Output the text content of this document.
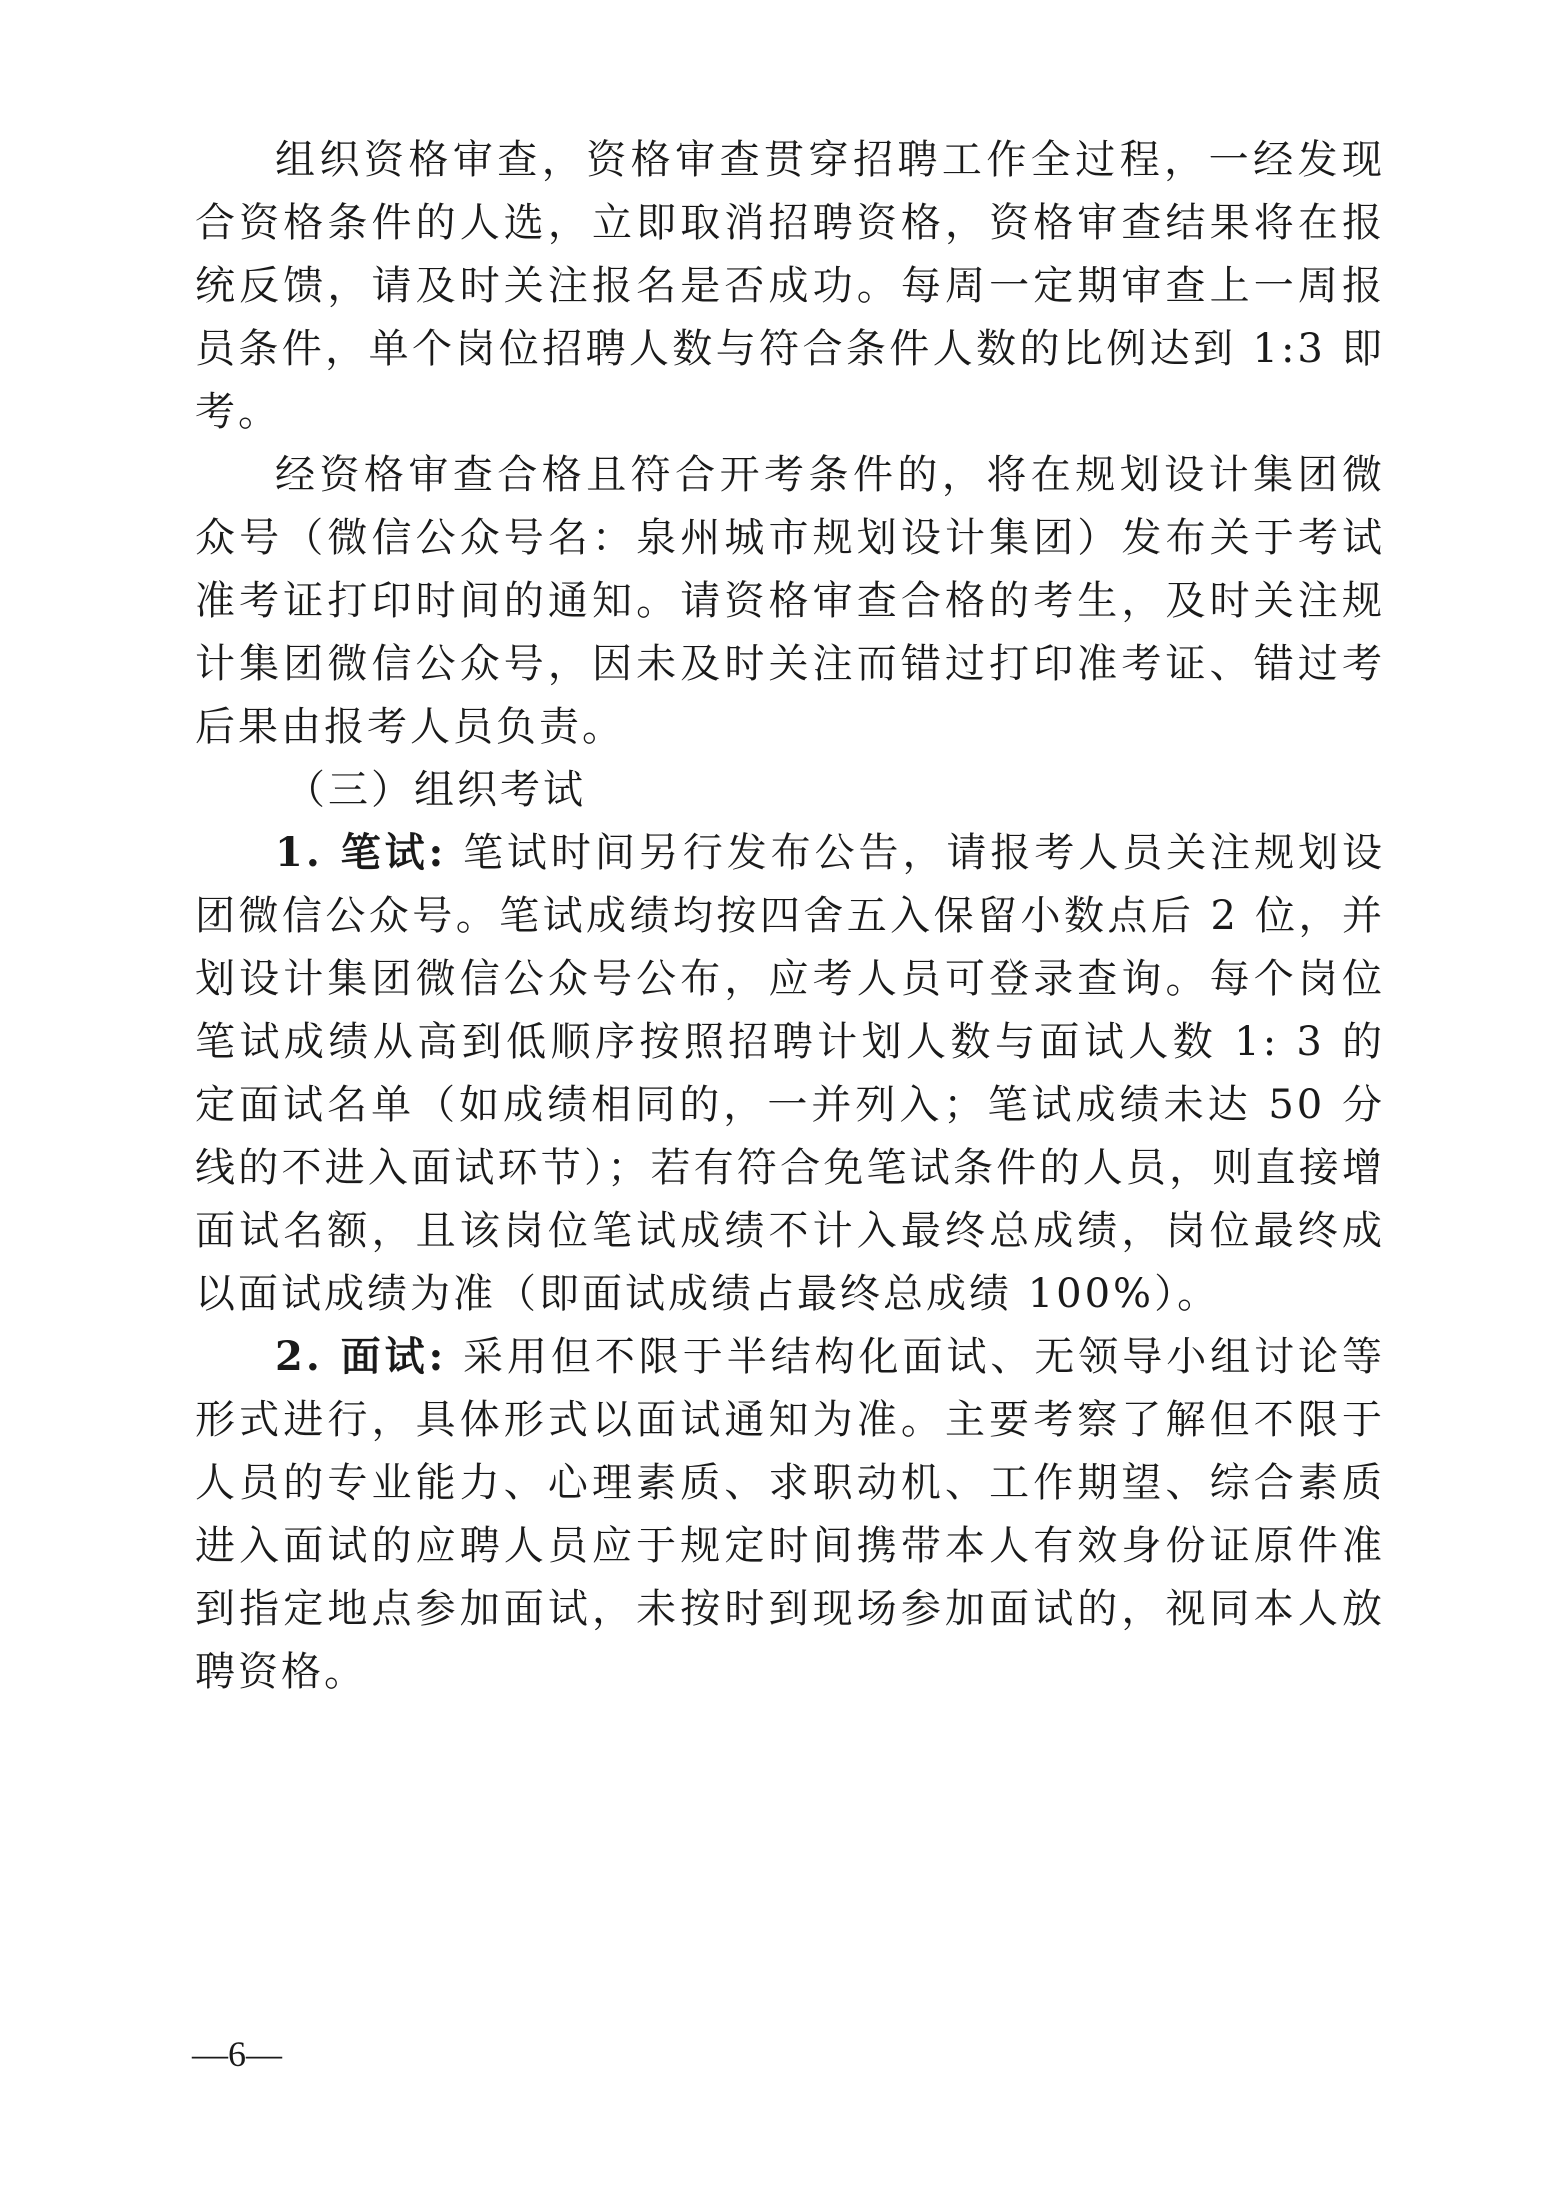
组织资格审查，资格审查贯穿招聘工作全过程，一经发现
合资格条件的人选，立即取消招聘资格，资格审查结果将在报
统反馈，请及时关注报名是否成功。每周一定期审查上一周报
员条件，单个岗位招聘人数与符合条件人数的比例达到 1:3 即
考。
经资格审查合格且符合开考条件的，将在规划设计集团微
众号（微信公众号名：泉州城市规划设计集团）发布关于考试
准考证打印时间的通知。请资格审查合格的考生，及时关注规
计集团微信公众号，因未及时关注而错过打印准考证、错过考
后果由报考人员负责。
（三）组织考试
1. 笔试: 笔试时间另行发布公告，请报考人员关注规划设
团微信公众号。笔试成绩均按四舍五入保留小数点后 2 位，并
划设计集团微信公众号公布，应考人员可登录查询。每个岗位
笔试成绩从高到低顺序按照招聘计划人数与面试人数 1: 3 的
定面试名单（如成绩相同的，一并列入；笔试成绩未达 50 分
线的不进入面试环节）；若有符合免笔试条件的人员，则直接增
面试名额，且该岗位笔试成绩不计入最终总成绩，岗位最终成
以面试成绩为准（即面试成绩占最终总成绩 100%）。
2. 面试: 采用但不限于半结构化面试、无领导小组讨论等
形式进行，具体形式以面试通知为准。主要考察了解但不限于
人员的专业能力、心理素质、求职动机、工作期望、综合素质
进入面试的应聘人员应于规定时间携带本人有效身份证原件准
到指定地点参加面试，未按时到现场参加面试的，视同本人放
聘资格。
—6—
